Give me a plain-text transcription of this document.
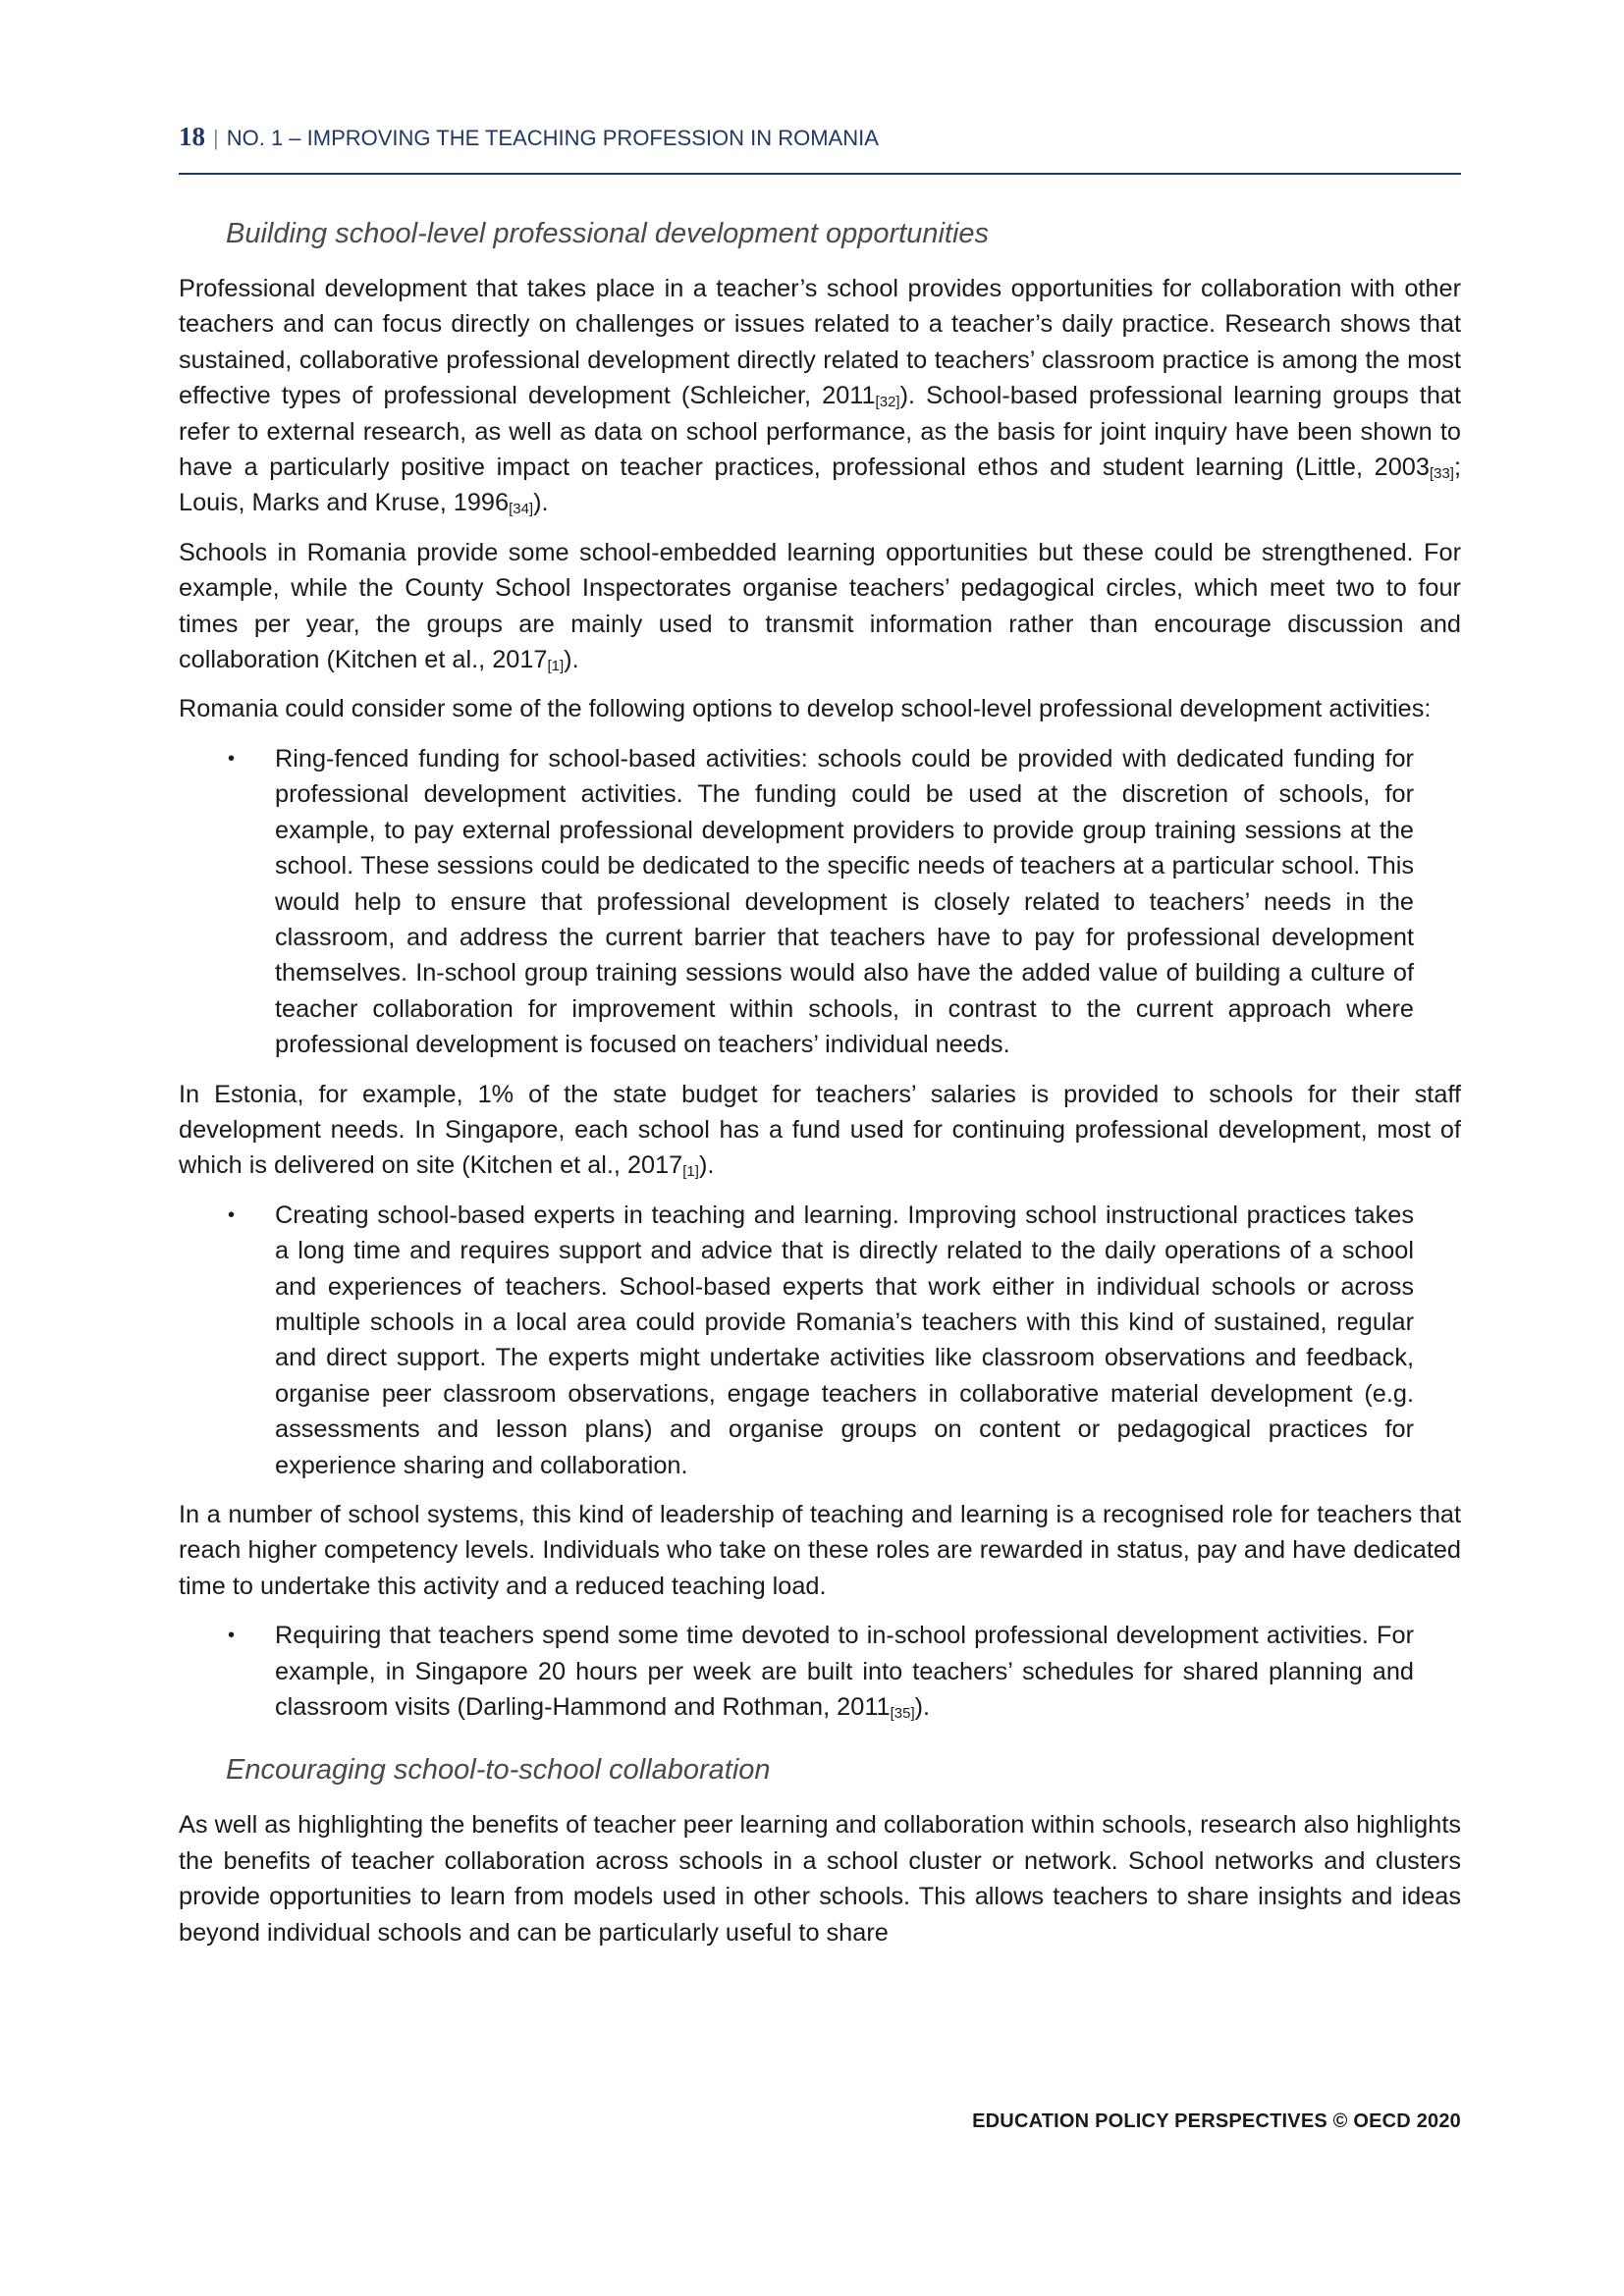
18 | NO. 1 – IMPROVING THE TEACHING PROFESSION IN ROMANIA
Building school-level professional development opportunities

Professional development that takes place in a teacher’s school provides opportunities for collaboration with other teachers and can focus directly on challenges or issues related to a teacher’s daily practice. Research shows that sustained, collaborative professional development directly related to teachers’ classroom practice is among the most effective types of professional development (Schleicher, $2011_{[32]}$). School-based professional learning groups that refer to external research, as well as data on school performance, as the basis for joint inquiry have been shown to have a particularly positive impact on teacher practices, professional ethos and student learning (Little, $2003_{[33]}$; Louis, Marks and Kruse, $1996_{[34]}$).

Schools in Romania provide some school-embedded learning opportunities but these could be strengthened. For example, while the County School Inspectorates organise teachers’ pedagogical circles, which meet two to four times per year, the groups are mainly used to transmit information rather than encourage discussion and collaboration (Kitchen et al., $2017_{[1]}$).

Romania could consider some of the following options to develop school-level professional development activities:

• Ring-fenced funding for school-based activities: schools could be provided with dedicated funding for professional development activities. The funding could be used at the discretion of schools, for example, to pay external professional development providers to provide group training sessions at the school. These sessions could be dedicated to the specific needs of teachers at a particular school. This would help to ensure that professional development is closely related to teachers’ needs in the classroom, and address the current barrier that teachers have to pay for professional development themselves. In-school group training sessions would also have the added value of building a culture of teacher collaboration for improvement within schools, in contrast to the current approach where professional development is focused on teachers’ individual needs.

In Estonia, for example, 1% of the state budget for teachers’ salaries is provided to schools for their staff development needs. In Singapore, each school has a fund used for continuing professional development, most of which is delivered on site (Kitchen et al., $2017_{[1]}$).

• Creating school-based experts in teaching and learning. Improving school instructional practices takes a long time and requires support and advice that is directly related to the daily operations of a school and experiences of teachers. School-based experts that work either in individual schools or across multiple schools in a local area could provide Romania’s teachers with this kind of sustained, regular and direct support. The experts might undertake activities like classroom observations and feedback, organise peer classroom observations, engage teachers in collaborative material development (e.g. assessments and lesson plans) and organise groups on content or pedagogical practices for experience sharing and collaboration.

In a number of school systems, this kind of leadership of teaching and learning is a recognised role for teachers that reach higher competency levels. Individuals who take on these roles are rewarded in status, pay and have dedicated time to undertake this activity and a reduced teaching load.

• Requiring that teachers spend some time devoted to in-school professional development activities. For example, in Singapore 20 hours per week are built into teachers’ schedules for shared planning and classroom visits (Darling-Hammond and Rothman, $2011_{[35]}$).
Encouraging school-to-school collaboration

As well as highlighting the benefits of teacher peer learning and collaboration within schools, research also highlights the benefits of teacher collaboration across schools in a school cluster or network. School networks and clusters provide opportunities to learn from models used in other schools. This allows teachers to share insights and ideas beyond individual schools and can be particularly useful to share

EDUCATION POLICY PERSPECTIVES © OECD 2020
